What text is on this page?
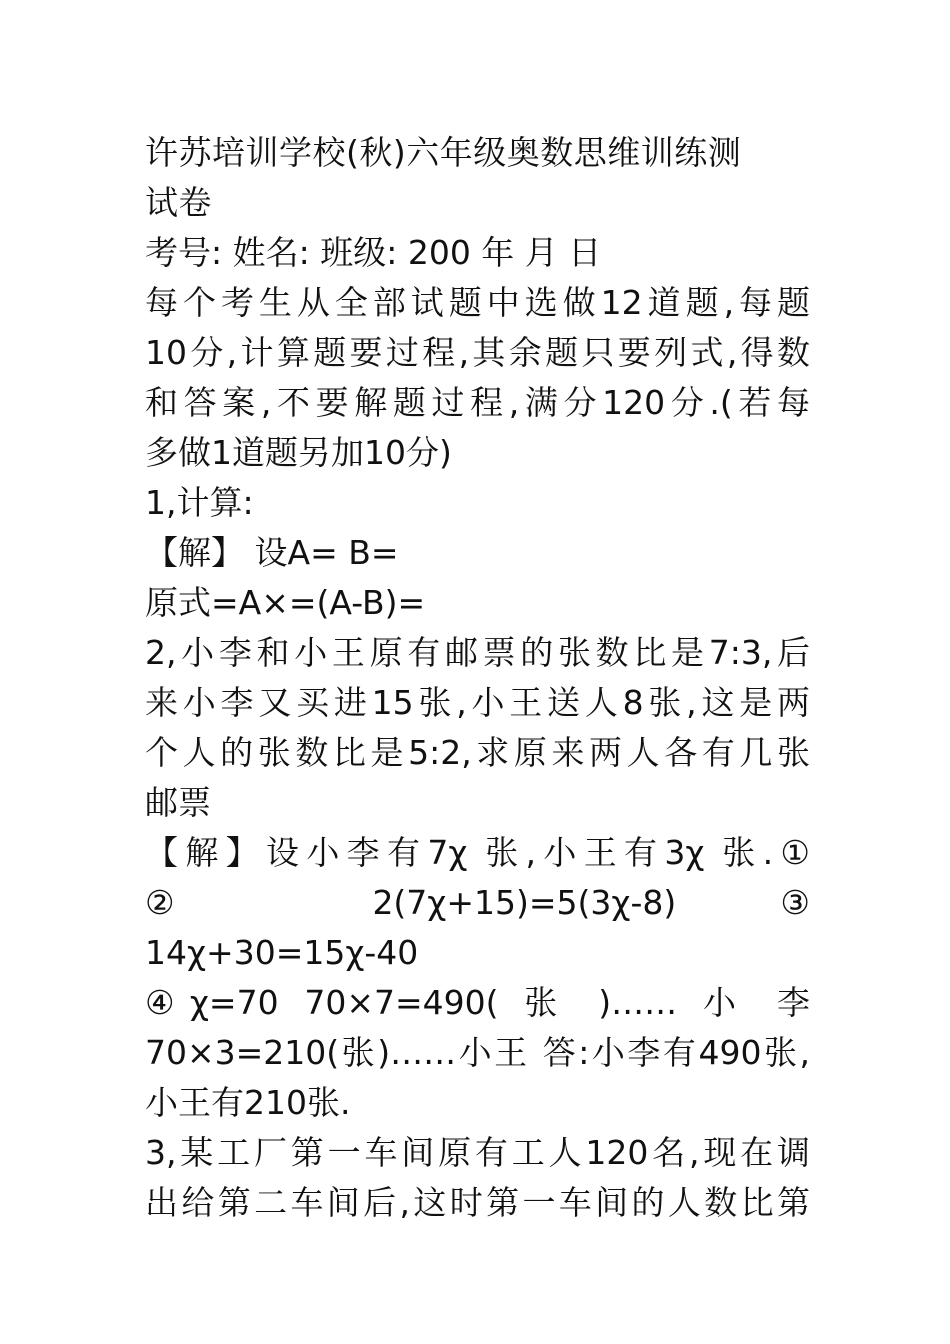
许苏培训学校(秋)六年级奥数思维训练测
试卷
考号: 姓名: 班级: 200 年 月 日
每个考生从全部试题中选做12道题,每题
10分,计算题要过程,其余题只要列式,得数
和答案,不要解题过程,满分120分.(若每
多做1道题另加10分)
1,计算:
【解】 设A= B=
原式=A×=(A-B)=
2,小李和小王原有邮票的张数比是7:3,后
来小李又买进15张,小王送人8张,这是两
个人的张数比是5:2,求原来两人各有几张
邮票
【解】设小李有7χ 张,小王有3χ 张.①
② 2(7χ+15)=5(3χ-8) ③
14χ+30=15χ-40
④χ=70 70×7=490( 张 )…… 小 李
70×3=210(张)……小王 答:小李有490张,
小王有210张.
3,某工厂第一车间原有工人120名,现在调
出给第二车间后,这时第一车间的人数比第
